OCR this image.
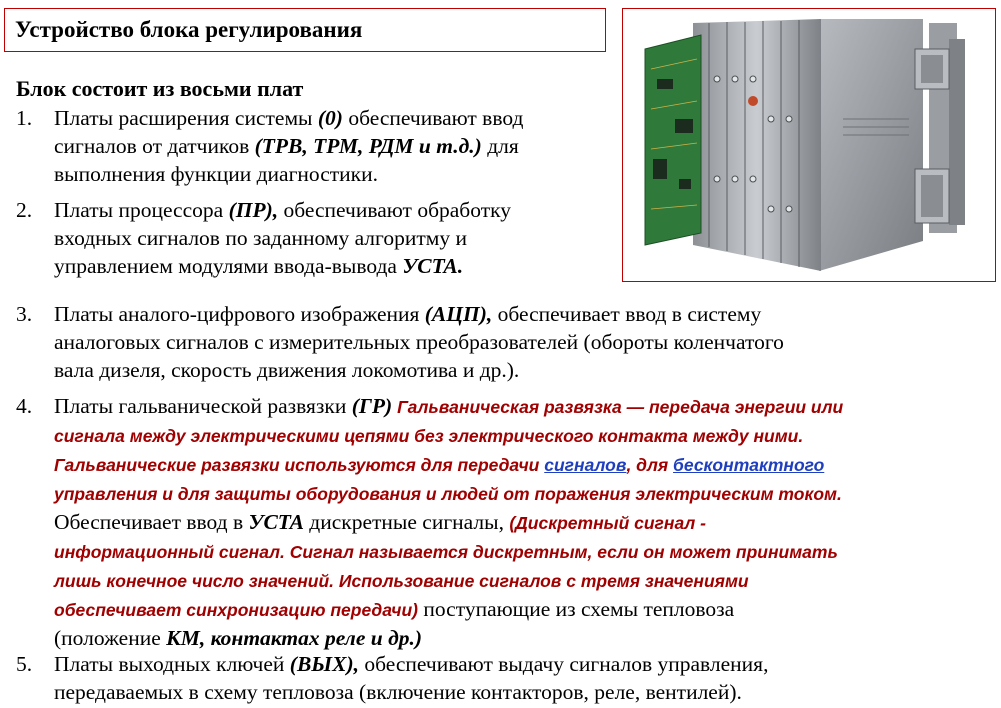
Устройство блока регулирования
Блок состоит из восьми плат
1. Платы расширения системы (0) обеспечивают ввод
сигналов от датчиков (ТРВ, ТРМ, РДМ и т.д.) для
выполнения функции диагностики.
2. Платы процессора (ПР), обеспечивают обработку
входных сигналов по заданному алгоритму и
управлением модулями ввода-вывода УСТА.
3. Платы аналого-цифрового изображения (АЦП), обеспечивает ввод в систему
аналоговых сигналов с измерительных преобразователей (обороты коленчатого
вала дизеля, скорость движения локомотива и др.).
4. Платы гальванической развязки (ГР) Гальваническая развязка — передача энергии или
сигнала между электрическими цепями без электрического контакта между ними.
Гальванические развязки используются для передачи сигналов, для бесконтактного
управления и для защиты оборудования и людей от поражения электрическим током.
Обеспечивает ввод в УСТА дискретные сигналы, (Дискретный сигнал -
информационный сигнал. Сигнал называется дискретным, если он может принимать
лишь конечное число значений. Использование сигналов с тремя значениями
обеспечивает синхронизацию передачи) поступающие из схемы тепловоза
(положение КМ, контактах реле и др.)
5. Платы выходных ключей (ВЫХ), обеспечивают выдачу сигналов управления,
передаваемых в схему тепловоза (включение контакторов, реле, вентилей).
